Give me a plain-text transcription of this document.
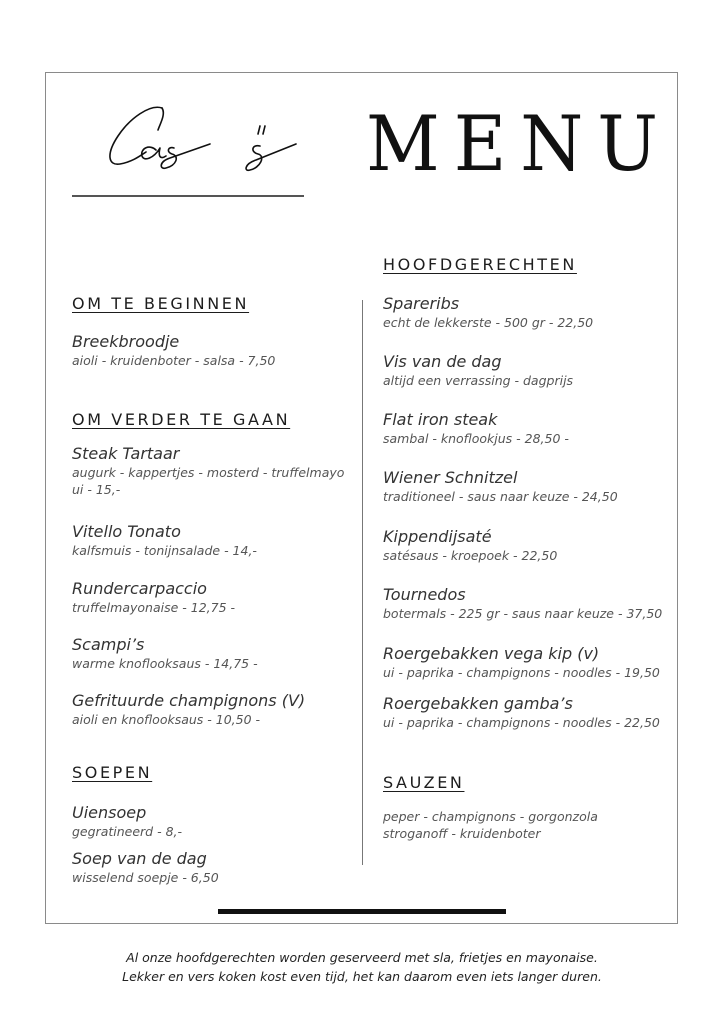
MENU
OM TE BEGINNEN
Breekbroodje
aioli - kruidenboter - salsa - 7,50
OM VERDER TE GAAN
Steak Tartaar
augurk - kappertjes - mosterd - truffelmayo
ui - 15,-
Vitello Tonato
kalfsmuis - tonijnsalade - 14,-
Rundercarpaccio
truffelmayonaise - 12,75 -
Scampi’s
warme knoflooksaus - 14,75 -
Gefrituurde champignons (V)
aioli en knoflooksaus - 10,50 -
SOEPEN
Uiensoep
gegratineerd - 8,-
Soep van de dag
wisselend soepje - 6,50
HOOFDGERECHTEN
Spareribs
echt de lekkerste - 500 gr - 22,50
Vis van de dag
altijd een verrassing - dagprijs
Flat iron steak
sambal - knoflookjus - 28,50 -
Wiener Schnitzel
traditioneel - saus naar keuze - 24,50
Kippendijsaté
satésaus - kroepoek - 22,50
Tournedos
botermals - 225 gr - saus naar keuze - 37,50
Roergebakken vega kip (v)
ui - paprika - champignons - noodles - 19,50
Roergebakken gamba’s
ui - paprika - champignons - noodles - 22,50
SAUZEN
peper - champignons - gorgonzola
stroganoff - kruidenboter
Al onze hoofdgerechten worden geserveerd met sla, frietjes en mayonaise.
Lekker en vers koken kost even tijd, het kan daarom even iets langer duren.
